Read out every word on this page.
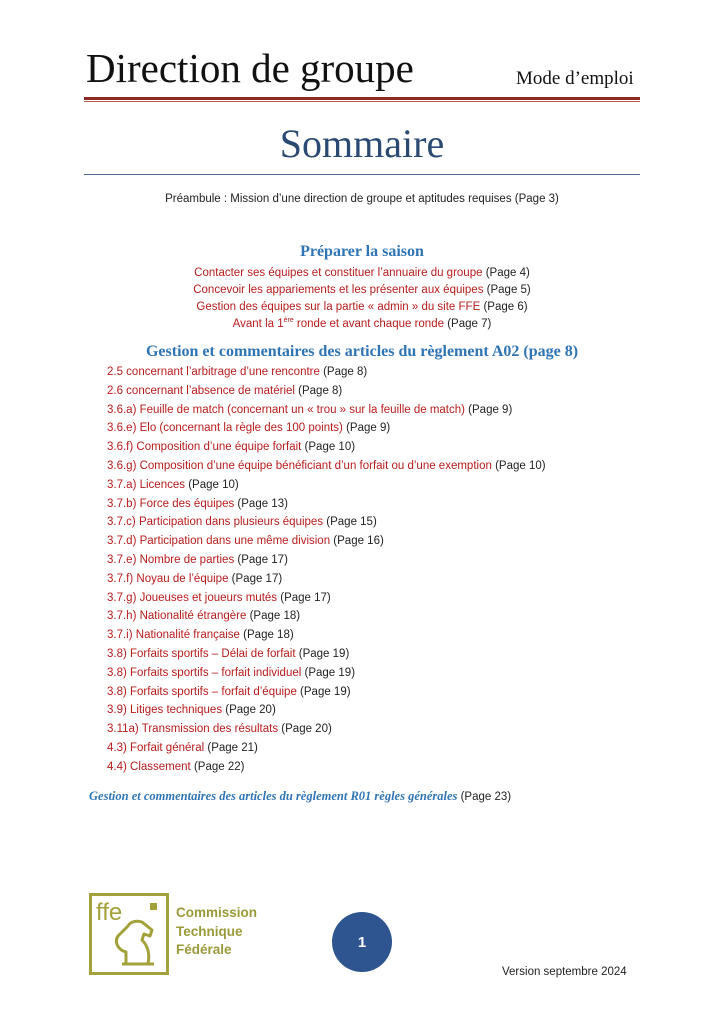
Direction de groupe	Mode d’emploi
Sommaire
Préambule : Mission d’une direction de groupe et aptitudes requises (Page 3)
Préparer la saison
Contacter ses équipes et constituer l’annuaire du groupe (Page 4)
Concevoir les appariements et les présenter aux équipes (Page 5)
Gestion des équipes sur la partie « admin » du site FFE (Page 6)
Avant la 1ère ronde et avant chaque ronde (Page 7)
Gestion et commentaires des articles du règlement A02 (page 8)
2.5 concernant l’arbitrage d’une rencontre (Page 8)
2.6 concernant l’absence de matériel (Page 8)
3.6.a) Feuille de match (concernant un « trou » sur la feuille de match) (Page 9)
3.6.e) Elo (concernant la règle des 100 points) (Page 9)
3.6.f) Composition d’une équipe forfait (Page 10)
3.6.g) Composition d’une équipe bénéficiant d’un forfait ou d’une exemption (Page 10)
3.7.a) Licences (Page 10)
3.7.b) Force des équipes (Page 13)
3.7.c) Participation dans plusieurs équipes (Page 15)
3.7.d) Participation dans une même division (Page 16)
3.7.e) Nombre de parties (Page 17)
3.7.f) Noyau de l’équipe (Page 17)
3.7.g) Joueuses et joueurs mutés (Page 17)
3.7.h) Nationalité étrangère (Page 18)
3.7.i) Nationalité française (Page 18)
3.8) Forfaits sportifs – Délai de forfait (Page 19)
3.8) Forfaits sportifs – forfait individuel (Page 19)
3.8) Forfaits sportifs – forfait d’équipe (Page 19)
3.9) Litiges techniques (Page 20)
3.11a) Transmission des résultats (Page 20)
4.3) Forfait général (Page 21)
4.4) Classement (Page 22)
Gestion et commentaires des articles du règlement R01 règles générales (Page 23)
ffe	Commission
Technique
Fédérale	1
Version septembre 2024
